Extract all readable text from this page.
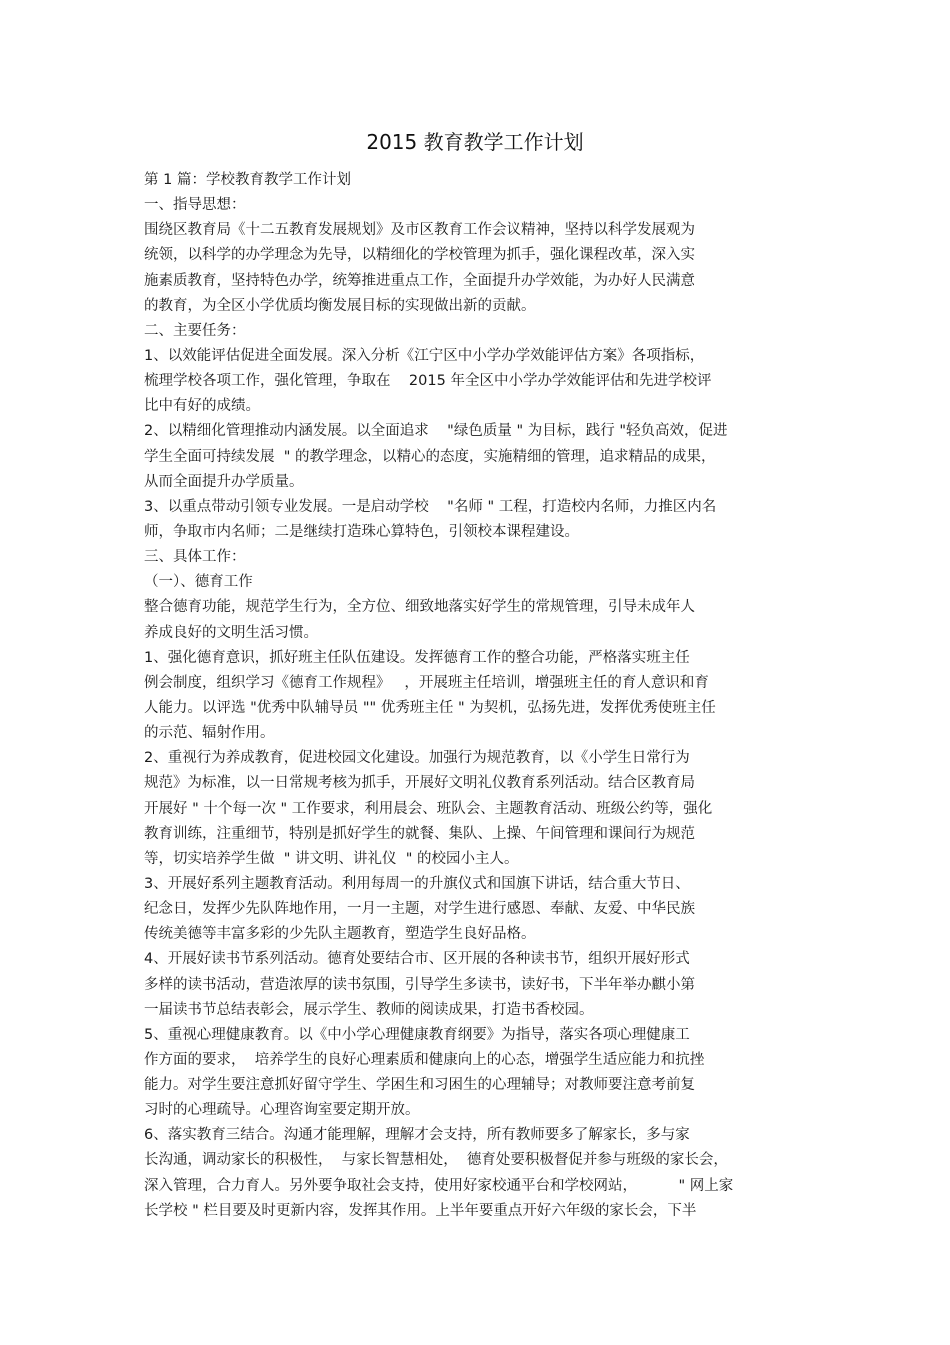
2015 教育教学工作计划
第 1 篇：学校教育教学工作计划
一、指导思想：
围绕区教育局《十二五教育发展规划》及市区教育工作会议精神，坚持以科学发展观为
统领，以科学的办学理念为先导，以精细化的学校管理为抓手，强化课程改革，深入实
施素质教育，坚持特色办学，统筹推进重点工作，全面提升办学效能，为办好人民满意
的教育，为全区小学优质均衡发展目标的实现做出新的贡献。
二、主要任务：
1、以效能评估促进全面发展。深入分析《江宁区中小学办学效能评估方案》各项指标，
梳理学校各项工作，强化管理，争取在    2015 年全区中小学办学效能评估和先进学校评
比中有好的成绩。
2、以精细化管理推动内涵发展。以全面追求    "绿色质量 " 为目标，践行 "轻负高效，促进
学生全面可持续发展  " 的教学理念，以精心的态度，实施精细的管理，追求精品的成果，
从而全面提升办学质量。
3、以重点带动引领专业发展。一是启动学校    "名师 " 工程，打造校内名师，力推区内名
师，争取市内名师；二是继续打造珠心算特色，引领校本课程建设。
三、具体工作：
（一）、德育工作
整合德育功能，规范学生行为，全方位、细致地落实好学生的常规管理，引导未成年人
养成良好的文明生活习惯。
1、强化德育意识，抓好班主任队伍建设。发挥德育工作的整合功能，严格落实班主任
例会制度，组织学习《德育工作规程》   ，开展班主任培训，增强班主任的育人意识和育
人能力。以评选 "优秀中队辅导员 "" 优秀班主任 " 为契机，弘扬先进，发挥优秀使班主任
的示范、辐射作用。
2、重视行为养成教育，促进校园文化建设。加强行为规范教育，以《小学生日常行为
规范》为标准，以一日常规考核为抓手，开展好文明礼仪教育系列活动。结合区教育局
开展好 " 十个每一次 " 工作要求，利用晨会、班队会、主题教育活动、班级公约等，强化
教育训练，注重细节，特别是抓好学生的就餐、集队、上操、午间管理和课间行为规范
等，切实培养学生做  " 讲文明、讲礼仪  " 的校园小主人。
3、开展好系列主题教育活动。利用每周一的升旗仪式和国旗下讲话，结合重大节日、
纪念日，发挥少先队阵地作用，一月一主题，对学生进行感恩、奉献、友爱、中华民族
传统美德等丰富多彩的少先队主题教育，塑造学生良好品格。
4、开展好读书节系列活动。德育处要结合市、区开展的各种读书节，组织开展好形式
多样的读书活动，营造浓厚的读书氛围，引导学生多读书，读好书，下半年举办麒小第
一届读书节总结表彰会，展示学生、教师的阅读成果，打造书香校园。
5、重视心理健康教育。以《中小学心理健康教育纲要》为指导，落实各项心理健康工
作方面的要求，  培养学生的良好心理素质和健康向上的心态，增强学生适应能力和抗挫
能力。对学生要注意抓好留守学生、学困生和习困生的心理辅导；对教师要注意考前复
习时的心理疏导。心理咨询室要定期开放。
6、落实教育三结合。沟通才能理解，理解才会支持，所有教师要多了解家长，多与家
长沟通，调动家长的积极性，  与家长智慧相处，  德育处要积极督促并参与班级的家长会，
深入管理，合力育人。另外要争取社会支持，使用好家校通平台和学校网站，         " 网上家
长学校 " 栏目要及时更新内容，发挥其作用。上半年要重点开好六年级的家长会，下半
